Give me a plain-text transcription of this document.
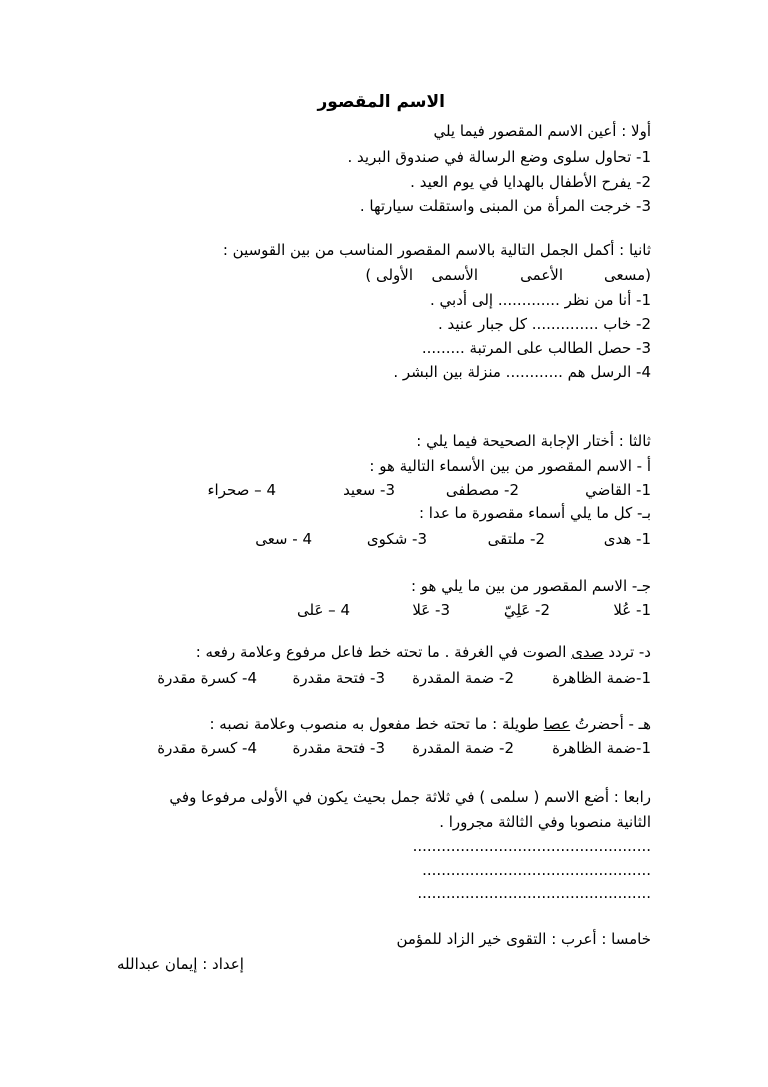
الاسم المقصور
أولا : أعين الاسم المقصور فيما يلي
1- تحاول سلوى وضع الرسالة في صندوق البريد .
2- يفرح الأطفال بالهدايا في يوم العيد .
3- خرجت المرأة من المبنى واستقلت سيارتها .
ثانيا : أكمل الجمل التالية بالاسم المقصور المناسب من بين القوسين :
(مسعى
الأعمى
الأسمى
الأولى )
1- أنا من نظر ............. إلى أدبي .
2- خاب .............. كل جبار عنيد .
3- حصل الطالب على المرتبة .........
4- الرسل هم ............ منزلة بين البشر .
ثالثا : أختار الإجابة الصحيحة فيما يلي :
أ - الاسم المقصور من بين الأسماء التالية هو :
1- القاضي
2- مصطفى
3- سعيد
4 – صحراء
بـ- كل ما يلي أسماء مقصورة ما عدا :
1- هدى
2- ملتقى
3- شكوى
4 - سعى
جـ- الاسم المقصور من بين ما يلي هو :
1- عُلا
2- عَلِيّ
3- عَلا
4 – عَلى
د- تردد صدى الصوت في الغرفة . ما تحته خط فاعل مرفوع وعلامة رفعه :
1-ضمة الظاهرة
2- ضمة المقدرة
3- فتحة مقدرة
4- كسرة مقدرة
هـ - أحضرتُ عصا طويلة : ما تحته خط مفعول به منصوب وعلامة نصبه :
1-ضمة الظاهرة
2- ضمة المقدرة
3- فتحة مقدرة
4- كسرة مقدرة
رابعا : أضع الاسم ( سلمى ) في ثلاثة جمل بحيث يكون في الأولى مرفوعا وفي
الثانية منصوبا وفي الثالثة مجرورا .
..................................................
................................................
.................................................
خامسا : أعرب : التقوى خير الزاد للمؤمن
إعداد : إيمان عبدالله
